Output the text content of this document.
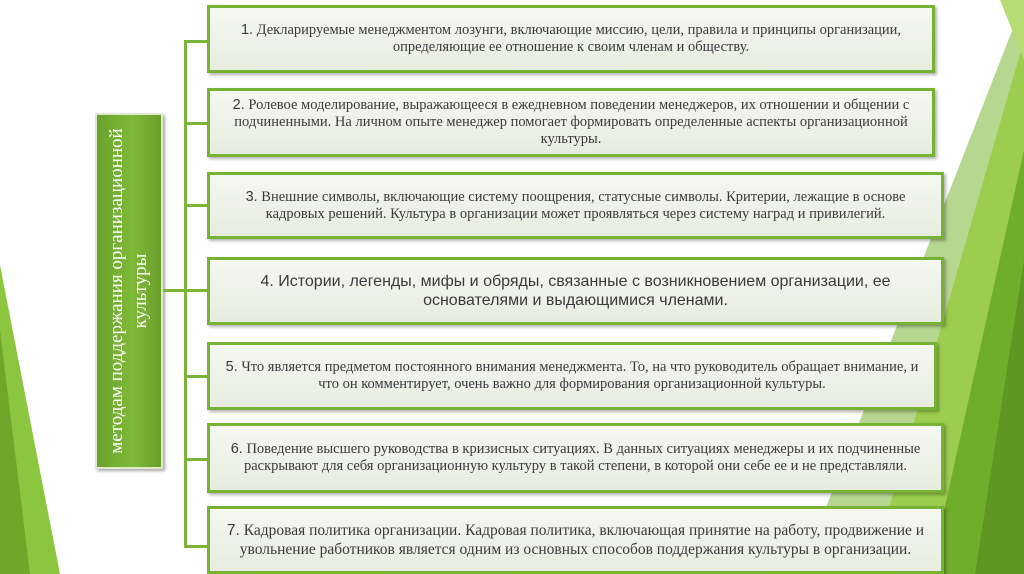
методам поддержания организационной культуры
1. Декларируемые менеджментом лозунги, включающие миссию, цели, правила и принципы организации, определяющие ее отношение к своим членам и обществу.
2. Ролевое моделирование, выражающееся в ежедневном поведении менеджеров, их отношении и общении с подчиненными. На личном опыте менеджер помогает формировать определенные аспекты организационной культуры.
3. Внешние символы, включающие систему поощрения, статусные символы. Критерии, лежащие в основе кадровых решений. Культура в организации может проявляться через систему наград и привилегий.
4. Истории, легенды, мифы и обряды, связанные с возникновением организации, ее основателями и выдающимися членами.
5. Что является предметом постоянного внимания менеджмента. То, на что руководитель обращает внимание, и что он комментирует, очень важно для формирования организационной культуры.
6. Поведение высшего руководства в кризисных ситуациях. В данных ситуациях менеджеры и их подчиненные раскрывают для себя организационную культуру в такой степени, в которой они себе ее и не представляли.
7. Кадровая политика организации. Кадровая политика, включающая принятие на работу, продвижение и увольнение работников является одним из основных способов поддержания культуры в организации.
